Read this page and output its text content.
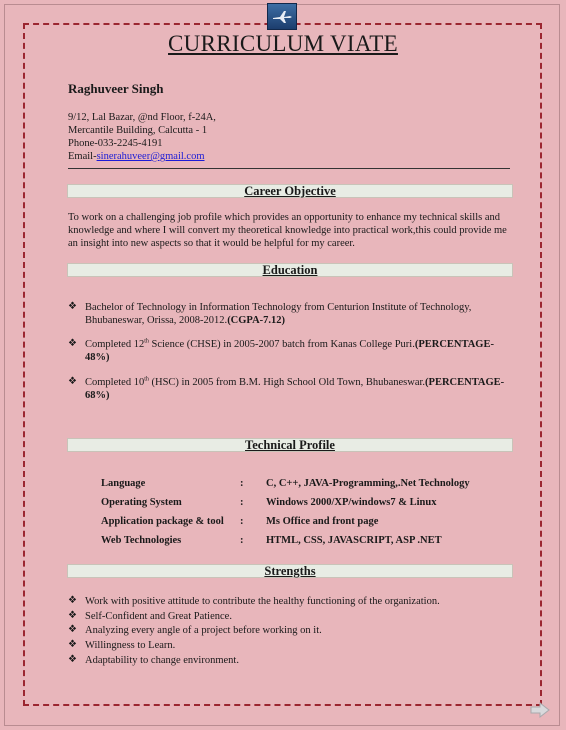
CURRICULUM VIATE
Raghuveer Singh
9/12, Lal Bazar, @nd Floor, f-24A,
Mercantile Building, Calcutta - 1
Phone-033-2245-4191
Email-sinerahuveer@gmail.com
Career Objective
To work on a challenging job profile which provides an opportunity to enhance my technical skills and knowledge and where I will convert my theoretical knowledge into practical work,this could provide me an insight into new aspects so that it would be helpful for my career.
Education
❖ Bachelor of Technology in Information Technology from Centurion Institute of Technology, Bhubaneswar, Orissa, 2008-2012.(CGPA-7.12)
❖ Completed 12th Science (CHSE) in 2005-2007 batch from Kanas College Puri.(PERCENTAGE-48%)
❖ Completed 10th (HSC) in 2005 from B.M. High School Old Town, Bhubaneswar.(PERCENTAGE-68%)
Technical Profile
Language	: C, C++, JAVA-Programming,.Net Technology
Operating System	: Windows 2000/XP/windows7 & Linux
Application package & tool : Ms Office and front page
Web Technologies	: HTML, CSS, JAVASCRIPT, ASP .NET
Strengths
❖ Work with positive attitude to contribute the healthy functioning of the organization.
❖ Self-Confident and Great Patience.
❖ Analyzing every angle of a project before working on it.
❖ Willingness to Learn.
❖ Adaptability to change environment.
